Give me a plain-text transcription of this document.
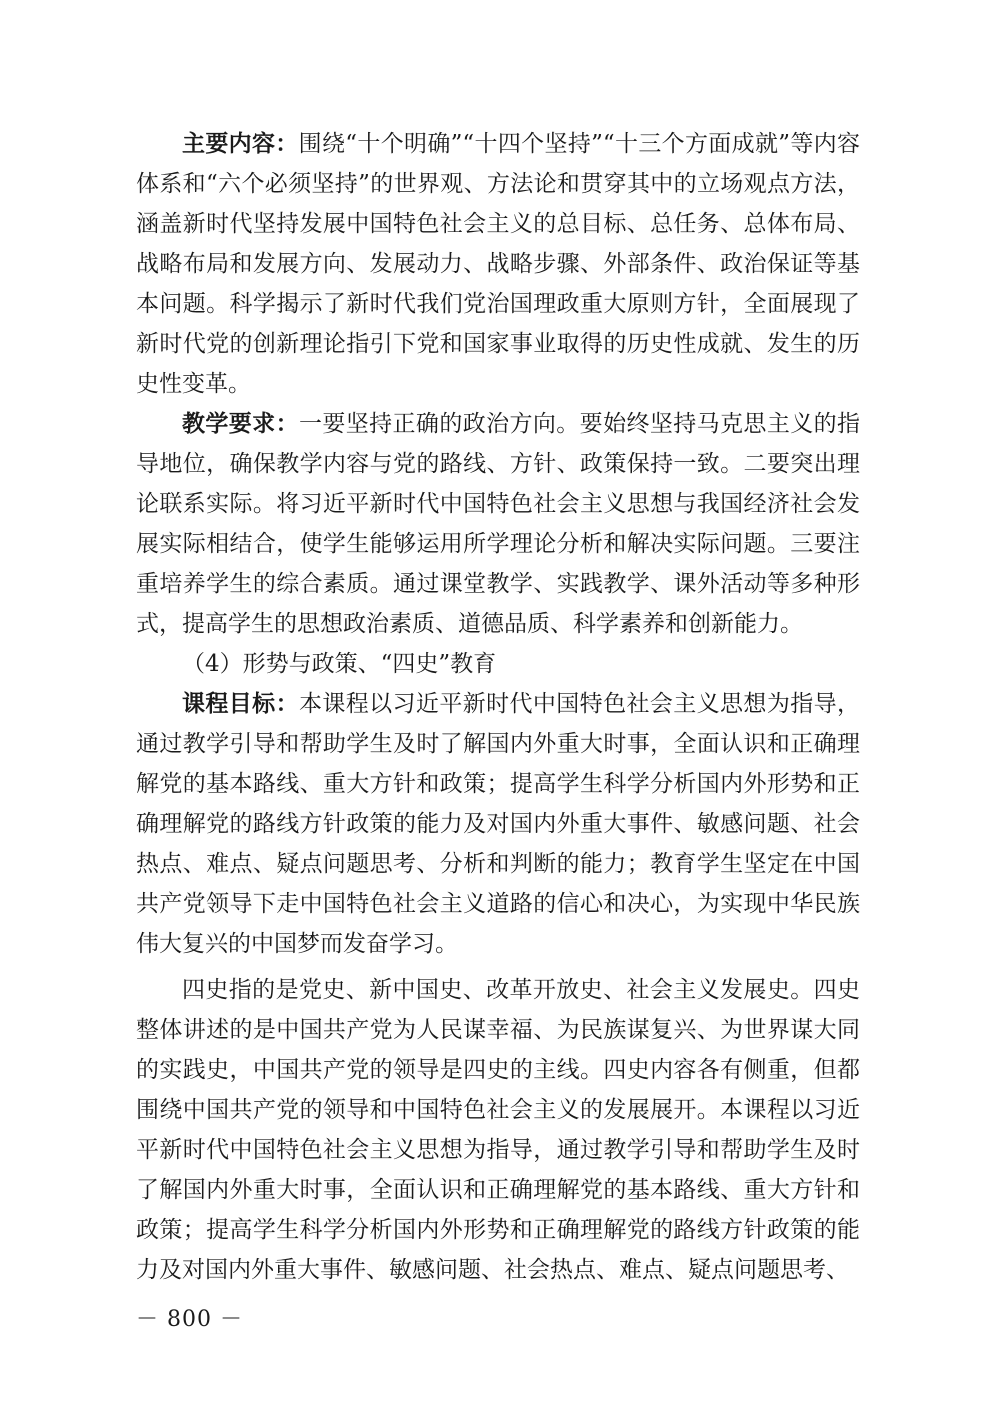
主要内容：围绕“十个明确”“十四个坚持”“十三个方面成就”等内容体系和“六个必须坚持”的世界观、方法论和贯穿其中的立场观点方法，涵盖新时代坚持发展中国特色社会主义的总目标、总任务、总体布局、战略布局和发展方向、发展动力、战略步骤、外部条件、政治保证等基本问题。科学揭示了新时代我们党治国理政重大原则方针，全面展现了新时代党的创新理论指引下党和国家事业取得的历史性成就、发生的历史性变革。

教学要求：一要坚持正确的政治方向。要始终坚持马克思主义的指导地位，确保教学内容与党的路线、方针、政策保持一致。二要突出理论联系实际。将习近平新时代中国特色社会主义思想与我国经济社会发展实际相结合，使学生能够运用所学理论分析和解决实际问题。三要注重培养学生的综合素质。通过课堂教学、实践教学、课外活动等多种形式，提高学生的思想政治素质、道德品质、科学素养和创新能力。

（4）形势与政策、“四史”教育

课程目标：本课程以习近平新时代中国特色社会主义思想为指导，通过教学引导和帮助学生及时了解国内外重大时事，全面认识和正确理解党的基本路线、重大方针和政策；提高学生科学分析国内外形势和正确理解党的路线方针政策的能力及对国内外重大事件、敏感问题、社会热点、难点、疑点问题思考、分析和判断的能力；教育学生坚定在中国共产党领导下走中国特色社会主义道路的信心和决心，为实现中华民族伟大复兴的中国梦而发奋学习。

四史指的是党史、新中国史、改革开放史、社会主义发展史。四史整体讲述的是中国共产党为人民谋幸福、为民族谋复兴、为世界谋大同的实践史，中国共产党的领导是四史的主线。四史内容各有侧重，但都围绕中国共产党的领导和中国特色社会主义的发展展开。本课程以习近平新时代中国特色社会主义思想为指导，通过教学引导和帮助学生及时了解国内外重大时事，全面认识和正确理解党的基本路线、重大方针和政策；提高学生科学分析国内外形势和正确理解党的路线方针政策的能力及对国内外重大事件、敏感问题、社会热点、难点、疑点问题思考、

－ 800 －
